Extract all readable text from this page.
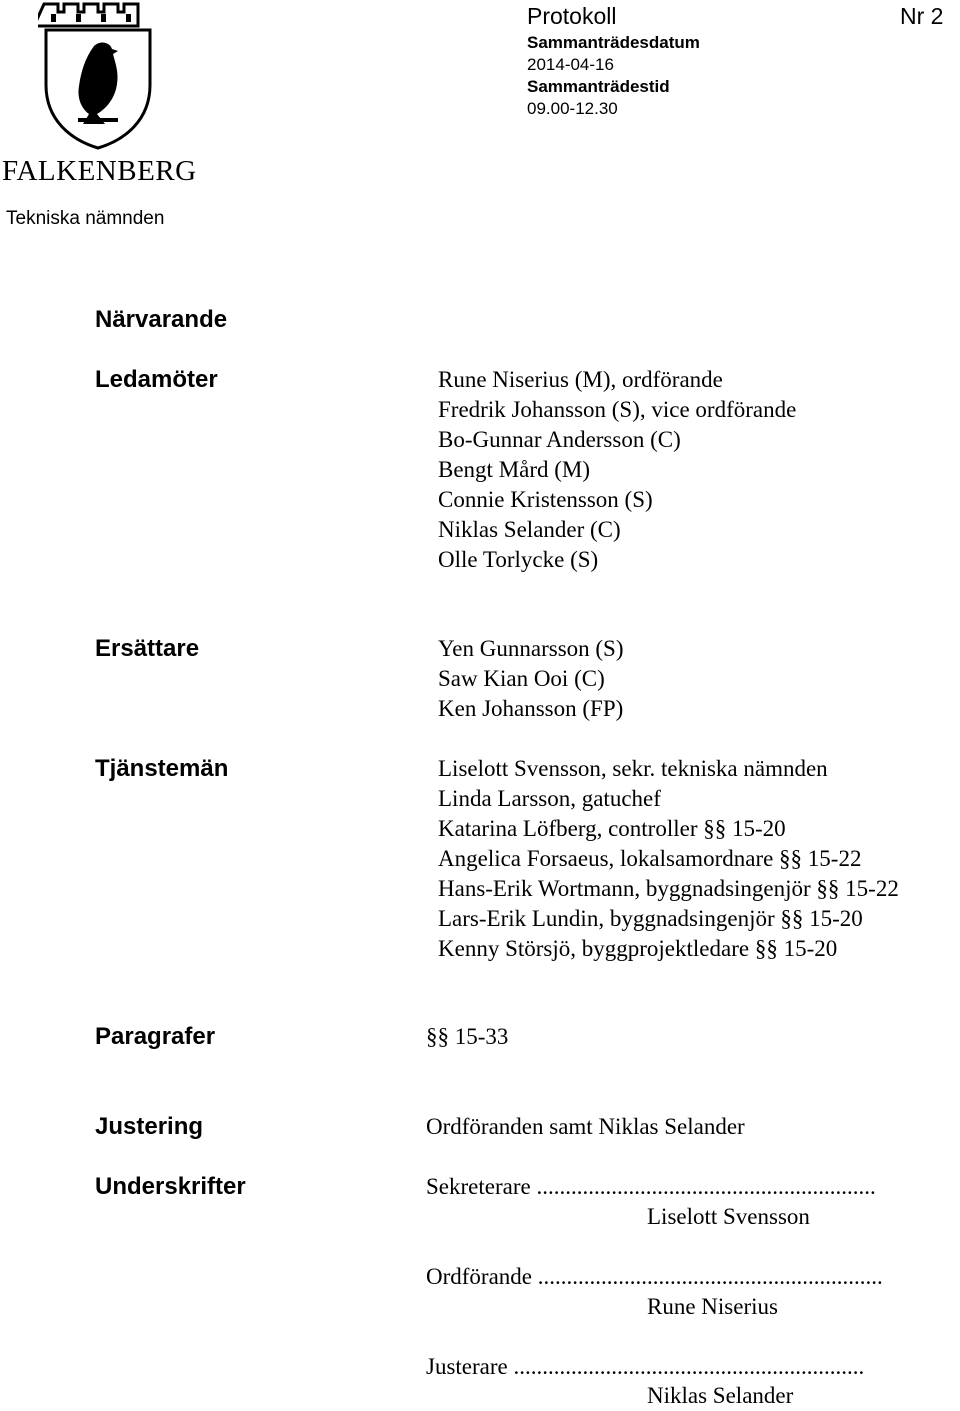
FALKENBERG
Tekniska nämnden
Protokoll	Nr 2
Sammanträdesdatum
2014-04-16
Sammanträdestid
09.00-12.30
Närvarande
Ledamöter	Rune Niserius (M), ordförande
Fredrik Johansson (S), vice ordförande
Bo-Gunnar Andersson (C)
Bengt Mård (M)
Connie Kristensson (S)
Niklas Selander (C)
Olle Torlycke (S)
Ersättare	Yen Gunnarsson (S)
Saw Kian Ooi (C)
Ken Johansson (FP)
Tjänstemän	Liselott Svensson, sekr. tekniska nämnden
Linda Larsson, gatuchef
Katarina Löfberg, controller §§ 15-20
Angelica Forsaeus, lokalsamordnare §§ 15-22
Hans-Erik Wortmann, byggnadsingenjör §§ 15-22
Lars-Erik Lundin, byggnadsingenjör §§ 15-20
Kenny Störsjö, byggprojektledare §§ 15-20
Paragrafer	§§ 15-33
Justering	Ordföranden samt Niklas Selander
Underskrifter	Sekreterare ...........................................................
Liselott Svensson
Ordförande ............................................................
Rune Niserius
Justerare .............................................................
Niklas Selander
